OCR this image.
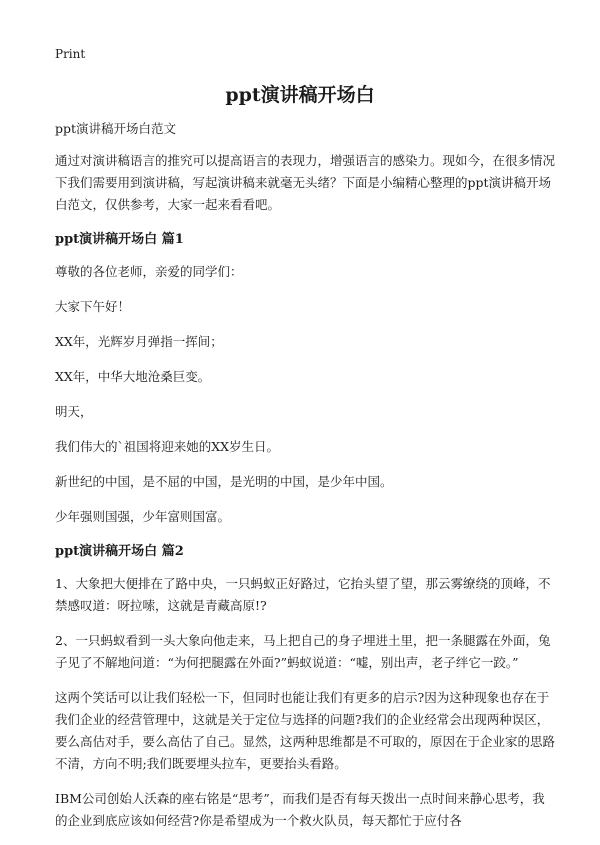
Print
ppt演讲稿开场白

ppt演讲稿开场白范文

通过对演讲稿语言的推究可以提高语言的表现力，增强语言的感染力。现如今，在很多情况下我们需要用到演讲稿，写起演讲稿来就毫无头绪？下面是小编精心整理的ppt演讲稿开场白范文，仅供参考，大家一起来看看吧。

ppt演讲稿开场白 篇1

尊敬的各位老师，亲爱的同学们：

大家下午好！

XX年，光辉岁月弹指一挥间；

XX年，中华大地沧桑巨变。

明天，

我们伟大的`祖国将迎来她的XX岁生日。

新世纪的中国，是不屈的中国，是光明的中国，是少年中国。

少年强则国强，少年富则国富。

ppt演讲稿开场白 篇2

1、大象把大便排在了路中央，一只蚂蚁正好路过，它抬头望了望，那云雾缭绕的顶峰，不禁感叹道：呀拉嗦，这就是青藏高原!?

2、一只蚂蚁看到一头大象向他走来，马上把自己的身子埋进土里，把一条腿露在外面，兔子见了不解地问道：“为何把腿露在外面?”蚂蚁说道：“嘘，别出声，老子绊它一跤。”

这两个笑话可以让我们轻松一下，但同时也能让我们有更多的启示?因为这种现象也存在于我们企业的经营管理中，这就是关于定位与选择的问题?我们的企业经常会出现两种误区，要么高估对手，要么高估了自己。显然，这两种思维都是不可取的，原因在于企业家的思路不清，方向不明;我们既要埋头拉车，更要抬头看路。

IBM公司创始人沃森的座右铭是“思考”，而我们是否有每天拨出一点时间来静心思考，我的企业到底应该如何经营?你是希望成为一个救火队员，每天都忙于应付各
